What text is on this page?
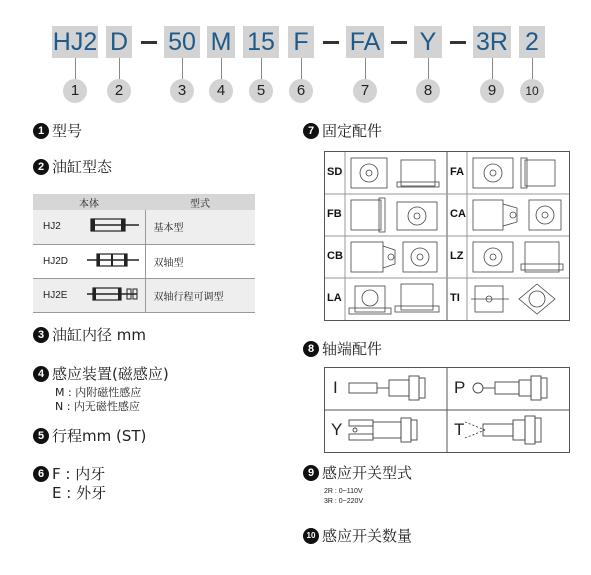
HJ2 D 50 M 15 F FA Y 3R 2
1	2	3	4	5	6	7	8	9	10
1 型号
2 油缸型态
本体		型式
HJ2		基本型
HJ2D		双轴型
HJ2E		双轴行程可调型
3 油缸内径 mm
4 感应装置(磁感应)
M : 内附磁性感应
N : 内无磁性感应
5 行程mm (ST)
6 F : 内牙
E : 外牙
7 固定配件
SD	FA
FB	CA
CB	LZ
LA	TI
8 轴端配件
I	P
Y	T
9 感应开关型式
2R : 0~110V
3R : 0~220V
10 感应开关数量
